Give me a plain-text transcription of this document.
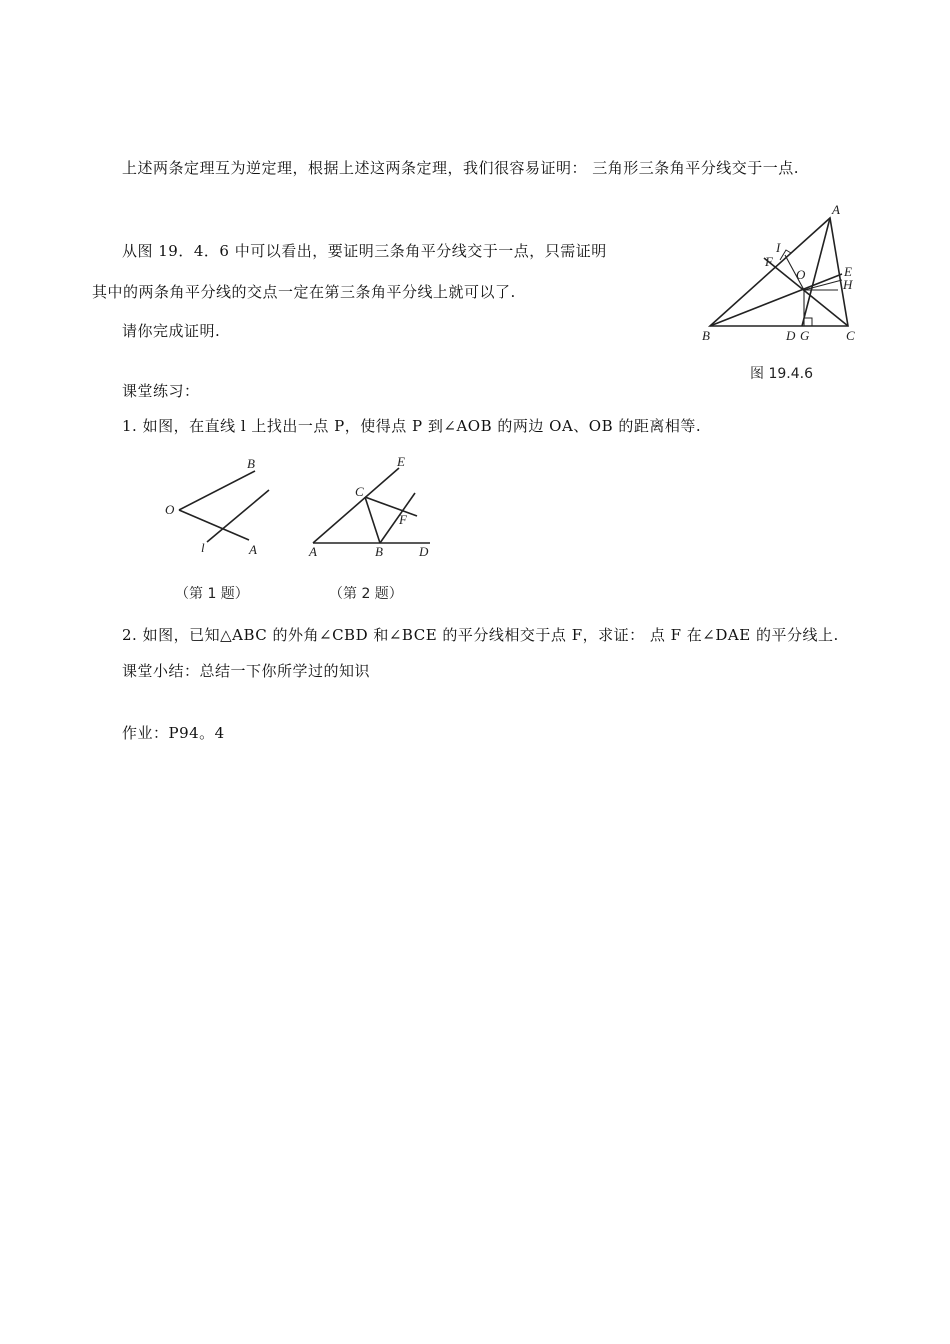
上述两条定理互为逆定理，根据上述这两条定理，我们很容易证明： 三角形三条角平分线交于一点.
从图 19．4．6 中可以看出，要证明三条角平分线交于一点，只需证明
其中的两条角平分线的交点一定在第三条角平分线上就可以了.
请你完成证明.
课堂练习：
1. 如图，在直线 l 上找出一点 P，使得点 P 到∠AOB 的两边 OA、OB 的距离相等.
2. 如图，已知△ABC 的外角∠CBD 和∠BCE 的平分线相交于点 F，求证： 点 F 在∠DAE 的平分线上.
课堂小结：总结一下你所学过的知识
作业：P94。4
A
B	C
D
E
F
G
H
I
O
图 19.4.6
O
B
A
l
（第 1 题）
E
C
F
A	B	D
（第 2 题）
